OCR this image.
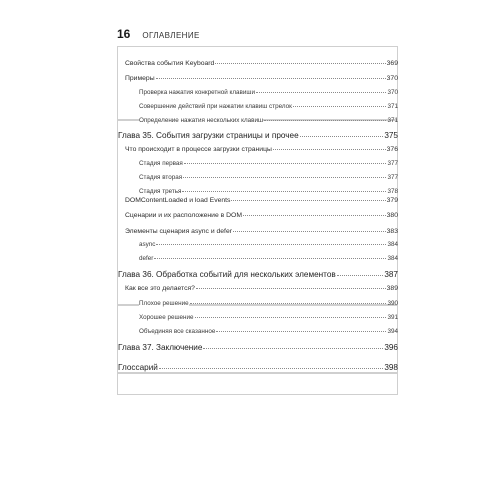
16 ОГЛАВЛЕНИЕ
Свойства события Keyboard	369
Примеры	370
Проверка нажатия конкретной клавиши	370
Совершение действий при нажатии клавиш стрелок	371
Определение нажатия нескольких клавиш	371
Глава 35. События загрузки страницы и прочее	375
Что происходит в процессе загрузки страницы	376
Стадия первая	377
Стадия вторая	377
Стадия третья	378
DOMContentLoaded и load Events	379
Сценарии и их расположение в DOM	380
Элементы сценария async и defer	383
async	384
defer	384
Глава 36. Обработка событий для нескольких элементов	387
Как все это делается?	389
Плохое решение	390
Хорошее решение	391
Объединяя все сказанное	394
Глава 37. Заключение	396
Глоссарий	398
